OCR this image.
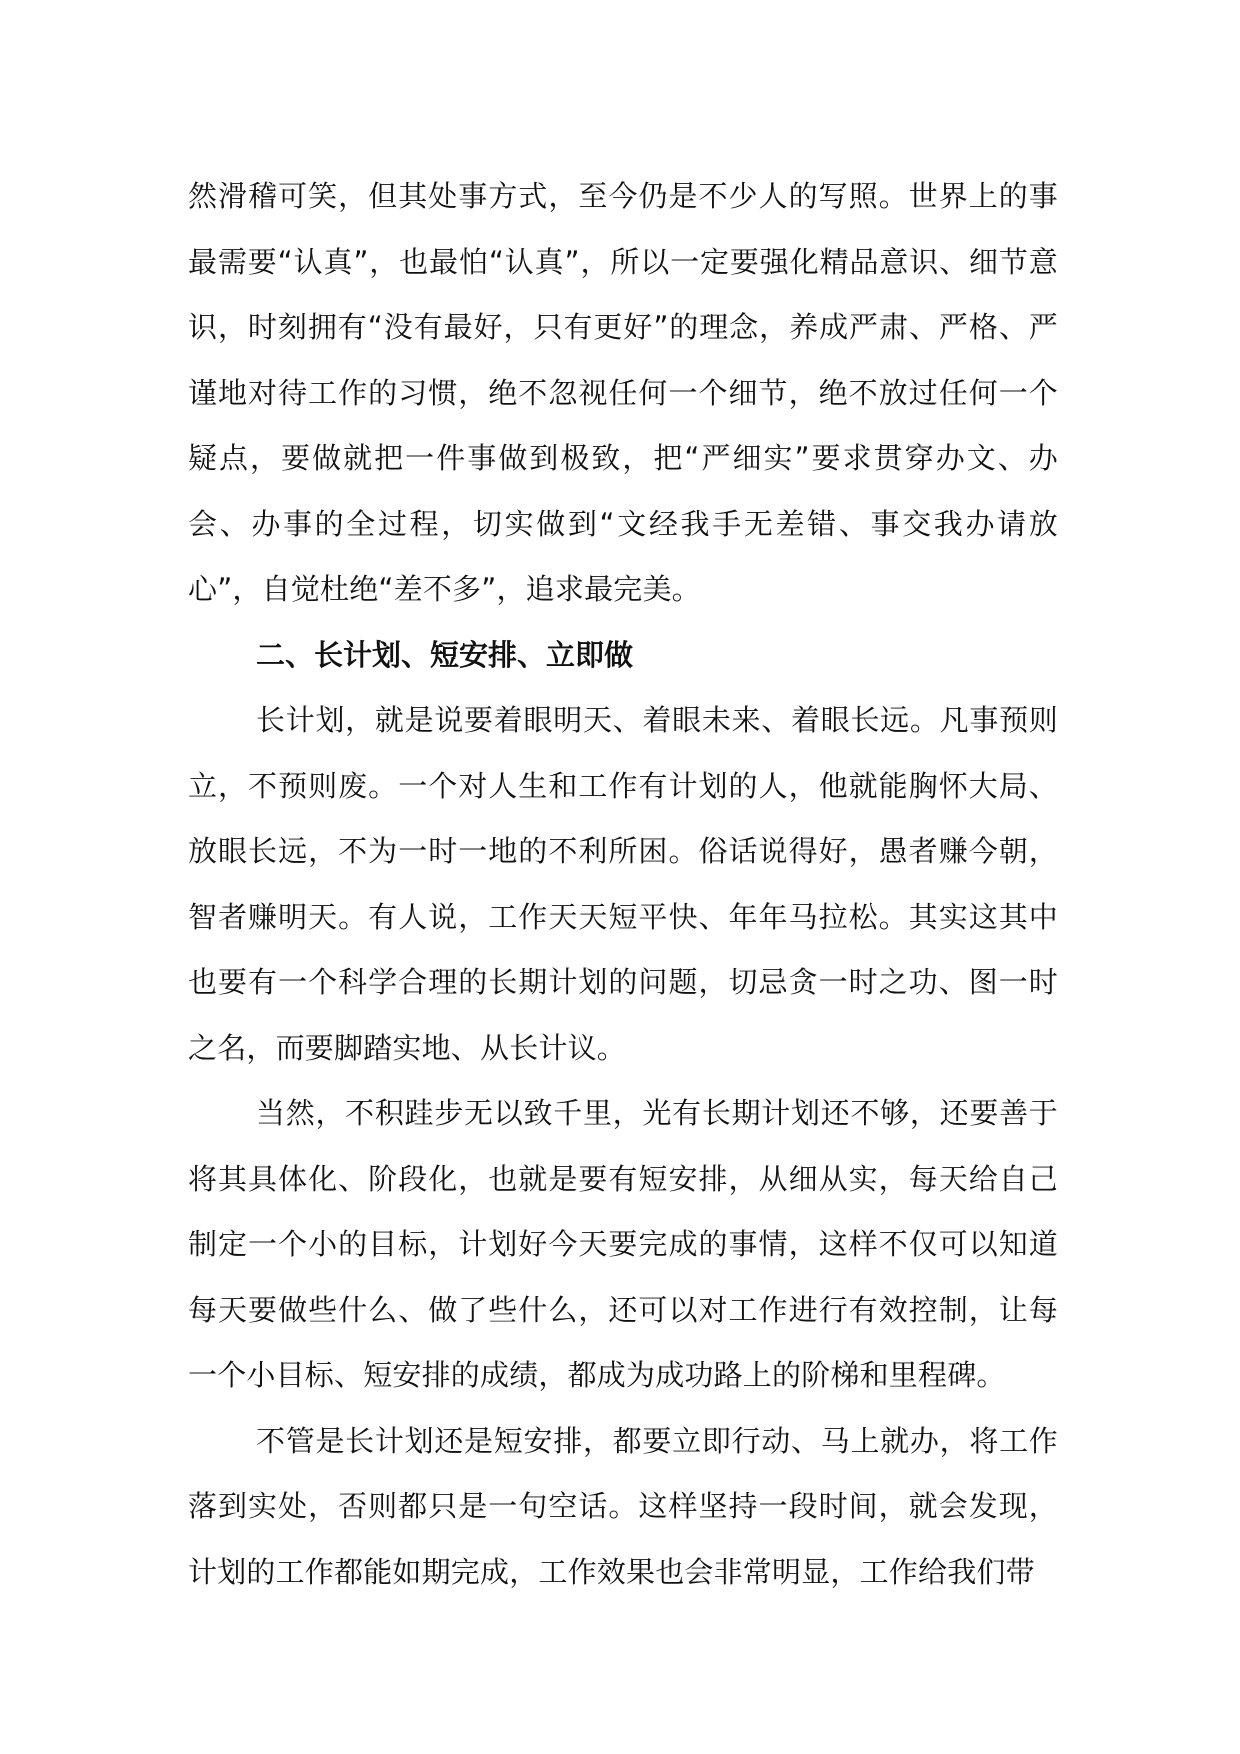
然滑稽可笑，但其处事方式，至今仍是不少人的写照。世界上的事最需要“认真”，也最怕“认真”，所以一定要强化精品意识、细节意识，时刻拥有“没有最好，只有更好”的理念，养成严肃、严格、严谨地对待工作的习惯，绝不忽视任何一个细节，绝不放过任何一个疑点，要做就把一件事做到极致，把“严细实”要求贯穿办文、办会、办事的全过程，切实做到“文经我手无差错、事交我办请放心”，自觉杜绝“差不多”，追求最完美。

二、长计划、短安排、立即做

长计划，就是说要着眼明天、着眼未来、着眼长远。凡事预则立，不预则废。一个对人生和工作有计划的人，他就能胸怀大局、放眼长远，不为一时一地的不利所困。俗话说得好，愚者赚今朝，智者赚明天。有人说，工作天天短平快、年年马拉松。其实这其中也要有一个科学合理的长期计划的问题，切忌贪一时之功、图一时之名，而要脚踏实地、从长计议。

当然，不积跬步无以致千里，光有长期计划还不够，还要善于将其具体化、阶段化，也就是要有短安排，从细从实，每天给自己制定一个小的目标，计划好今天要完成的事情，这样不仅可以知道每天要做些什么、做了些什么，还可以对工作进行有效控制，让每一个小目标、短安排的成绩，都成为成功路上的阶梯和里程碑。

不管是长计划还是短安排，都要立即行动、马上就办，将工作落到实处，否则都只是一句空话。这样坚持一段时间，就会发现，计划的工作都能如期完成，工作效果也会非常明显，工作给我们带
